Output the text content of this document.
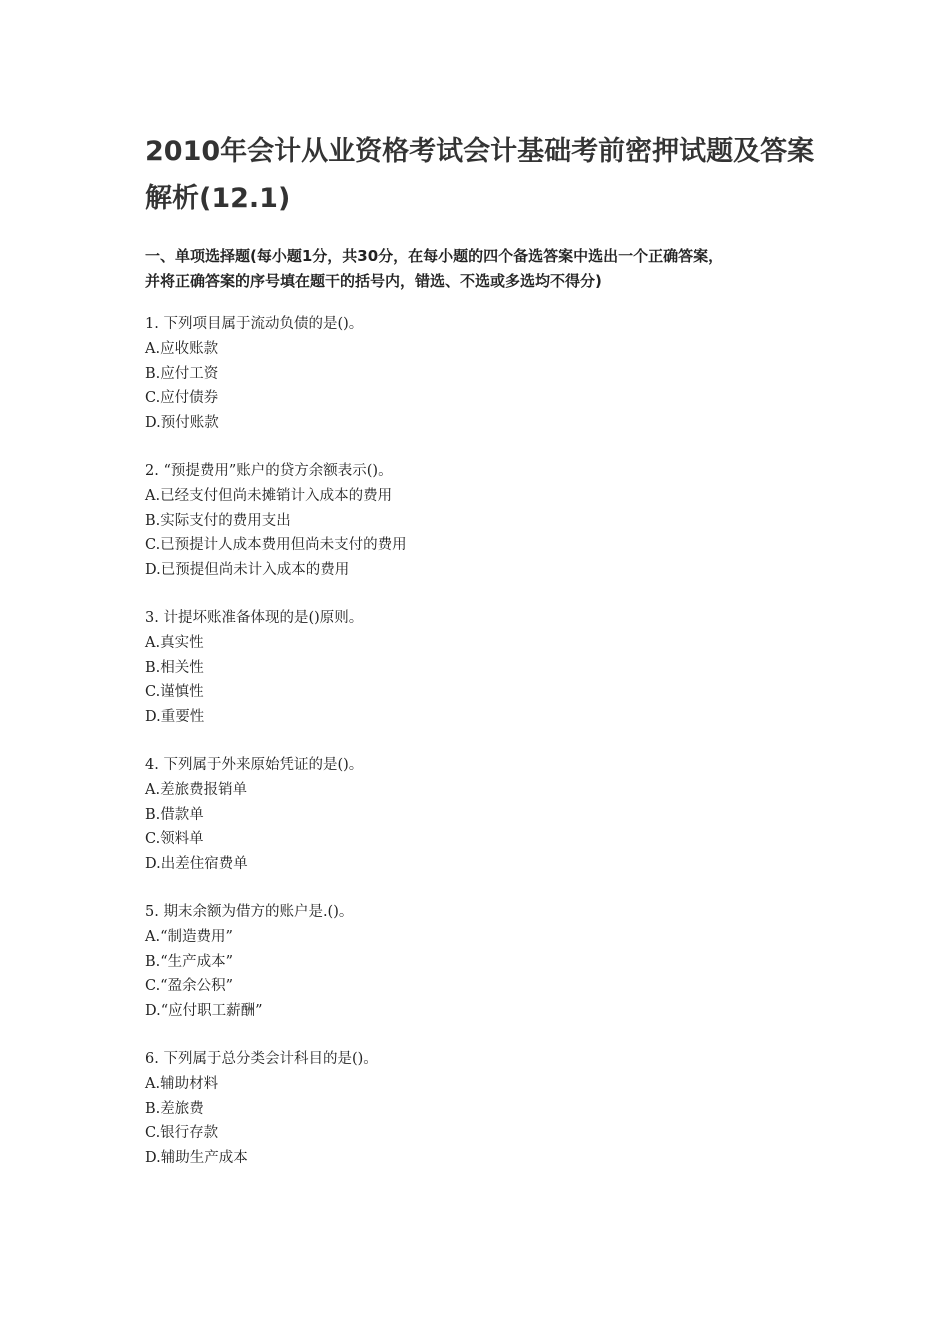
2010年会计从业资格考试会计基础考前密押试题及答案
解析(12.1)
一、单项选择题(每小题1分，共30分，在每小题的四个备选答案中选出一个正确答案，
并将正确答案的序号填在题干的括号内，错选、不选或多选均不得分)
1. 下列项目属于流动负债的是()。
A.应收账款
B.应付工资
C.应付债券
D.预付账款
2. “预提费用”账户的贷方余额表示()。
A.已经支付但尚未摊销计入成本的费用
B.实际支付的费用支出
C.已预提计人成本费用但尚未支付的费用
D.已预提但尚未计入成本的费用
3. 计提坏账准备体现的是()原则。
A.真实性
B.相关性
C.谨慎性
D.重要性
4. 下列属于外来原始凭证的是()。
A.差旅费报销单
B.借款单
C.领料单
D.出差住宿费单
5. 期末余额为借方的账户是.()。
A.“制造费用”
B.“生产成本”
C.“盈余公积”
D.“应付职工薪酬”
6. 下列属于总分类会计科目的是()。
A.辅助材料
B.差旅费
C.银行存款
D.辅助生产成本
